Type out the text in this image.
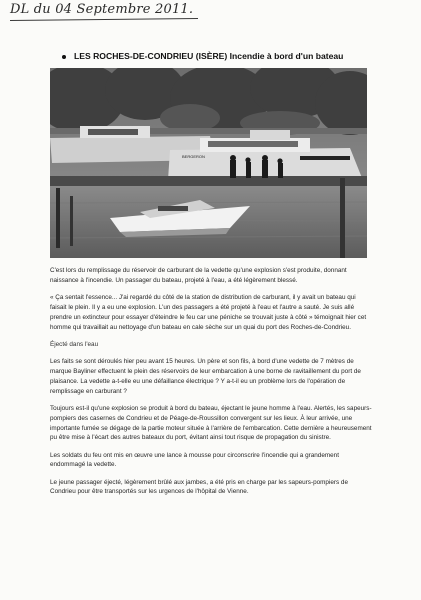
DL du 04 Septembre 2011.
LES ROCHES-DE-CONDRIEU (ISÈRE) Incendie à bord d'un bateau
BERGERON

C'est lors du remplissage du réservoir de carburant de la vedette qu'une explosion s'est produite, donnant naissance à l'incendie. Un passager du bateau, projeté à l'eau, a été légèrement blessé.

« Ça sentait l'essence... J'ai regardé du côté de la station de distribution de carburant, il y avait un bateau qui faisait le plein. Il y a eu une explosion. L'un des passagers a été projeté à l'eau et l'autre a sauté. Je suis allé prendre un extincteur pour essayer d'éteindre le feu car une péniche se trouvait juste à côté » témoignait hier cet homme qui travaillait au nettoyage d'un bateau en cale sèche sur un quai du port des Roches-de-Condrieu.

Éjecté dans l'eau

Les faits se sont déroulés hier peu avant 15 heures. Un père et son fils, à bord d'une vedette de 7 mètres de marque Bayliner effectuent le plein des réservoirs de leur embarcation à une borne de ravitaillement du port de plaisance. La vedette a-t-elle eu une défaillance électrique ? Y a-t-il eu un problème lors de l'opération de remplissage en carburant ?

Toujours est-il qu'une explosion se produit à bord du bateau, éjectant le jeune homme à l'eau. Alertés, les sapeurs-pompiers des casernes de Condrieu et de Péage-de-Roussillon convergent sur les lieux. À leur arrivée, une importante fumée se dégage de la partie moteur située à l'arrière de l'embarcation. Cette dernière a heureusement pu être mise à l'écart des autres bateaux du port, évitant ainsi tout risque de propagation du sinistre.

Les soldats du feu ont mis en œuvre une lance à mousse pour circonscrire l'incendie qui a grandement endommagé la vedette.

Le jeune passager éjecté, légèrement brûlé aux jambes, a été pris en charge par les sapeurs-pompiers de Condrieu pour être transportés sur les urgences de l'hôpital de Vienne.
